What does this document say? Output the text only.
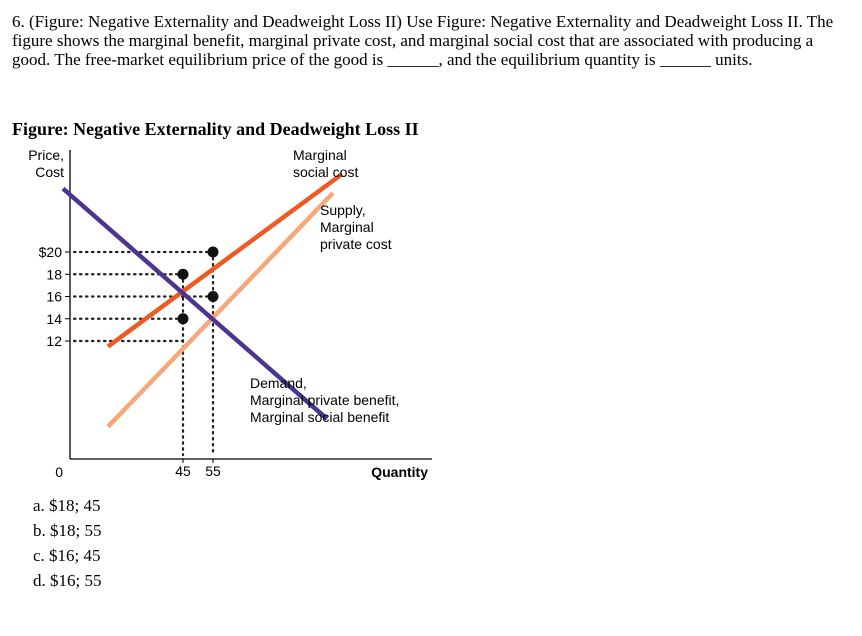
6. (Figure: Negative Externality and Deadweight Loss II) Use Figure: Negative Externality and Deadweight Loss II. The figure shows the marginal benefit, marginal private cost, and marginal social cost that are associated with producing a good. The free-market equilibrium price of the good is ______, and the equilibrium quantity is ______ units.
Figure: Negative Externality and Deadweight Loss II
Price,
Cost
Quantity
0
$20
18
16
14
12
45 55
Marginal
social cost
Supply,
Marginal
private cost
Demand,
Marginal private benefit,
Marginal social benefit
a. $18; 45
b. $18; 55
c. $16; 45
d. $16; 55
